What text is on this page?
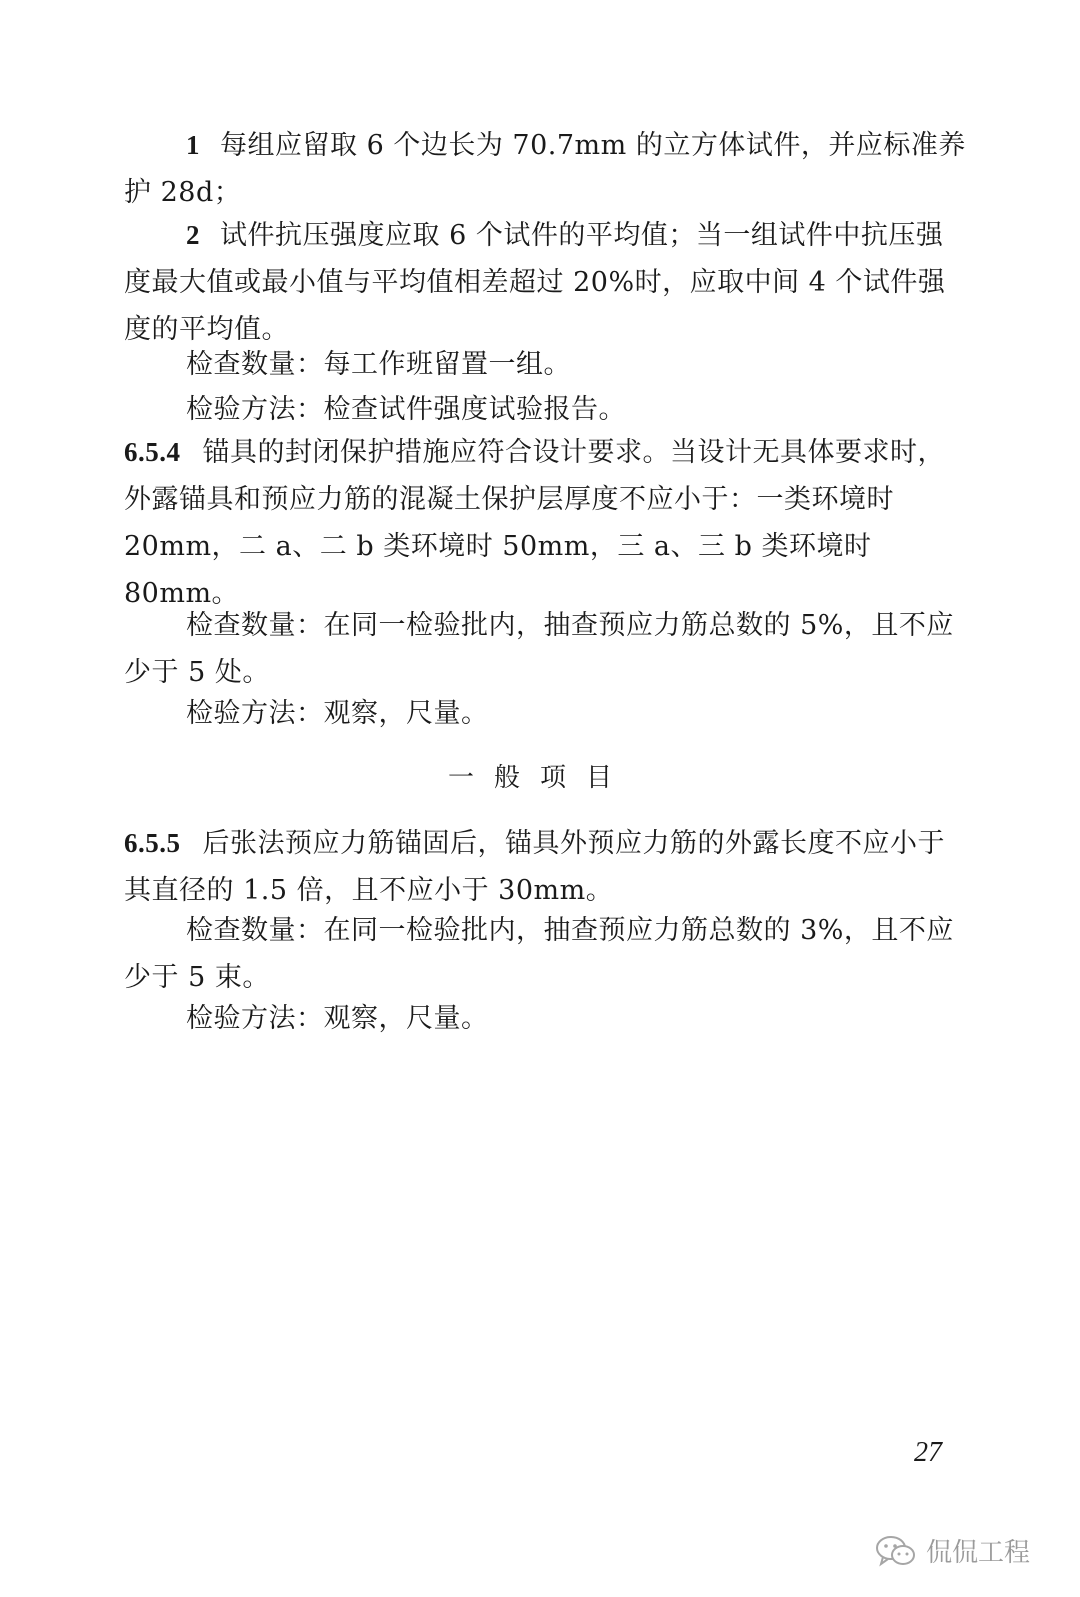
1 每组应留取 6 个边长为 70.7mm 的立方体试件，并应标准养护 28d；

2 试件抗压强度应取 6 个试件的平均值；当一组试件中抗压强度最大值或最小值与平均值相差超过 20%时，应取中间 4 个试件强度的平均值。

检查数量：每工作班留置一组。

检验方法：检查试件强度试验报告。

6.5.4 锚具的封闭保护措施应符合设计要求。当设计无具体要求时，外露锚具和预应力筋的混凝土保护层厚度不应小于：一类环境时 20mm，二 a、二 b 类环境时 50mm，三 a、三 b 类环境时 80mm。

检查数量：在同一检验批内，抽查预应力筋总数的 5%，且不应少于 5 处。

检验方法：观察，尺量。

一般项目

6.5.5 后张法预应力筋锚固后，锚具外预应力筋的外露长度不应小于其直径的 1.5 倍，且不应小于 30mm。

检查数量：在同一检验批内，抽查预应力筋总数的 3%，且不应少于 5 束。

检验方法：观察，尺量。

27
侃侃工程
